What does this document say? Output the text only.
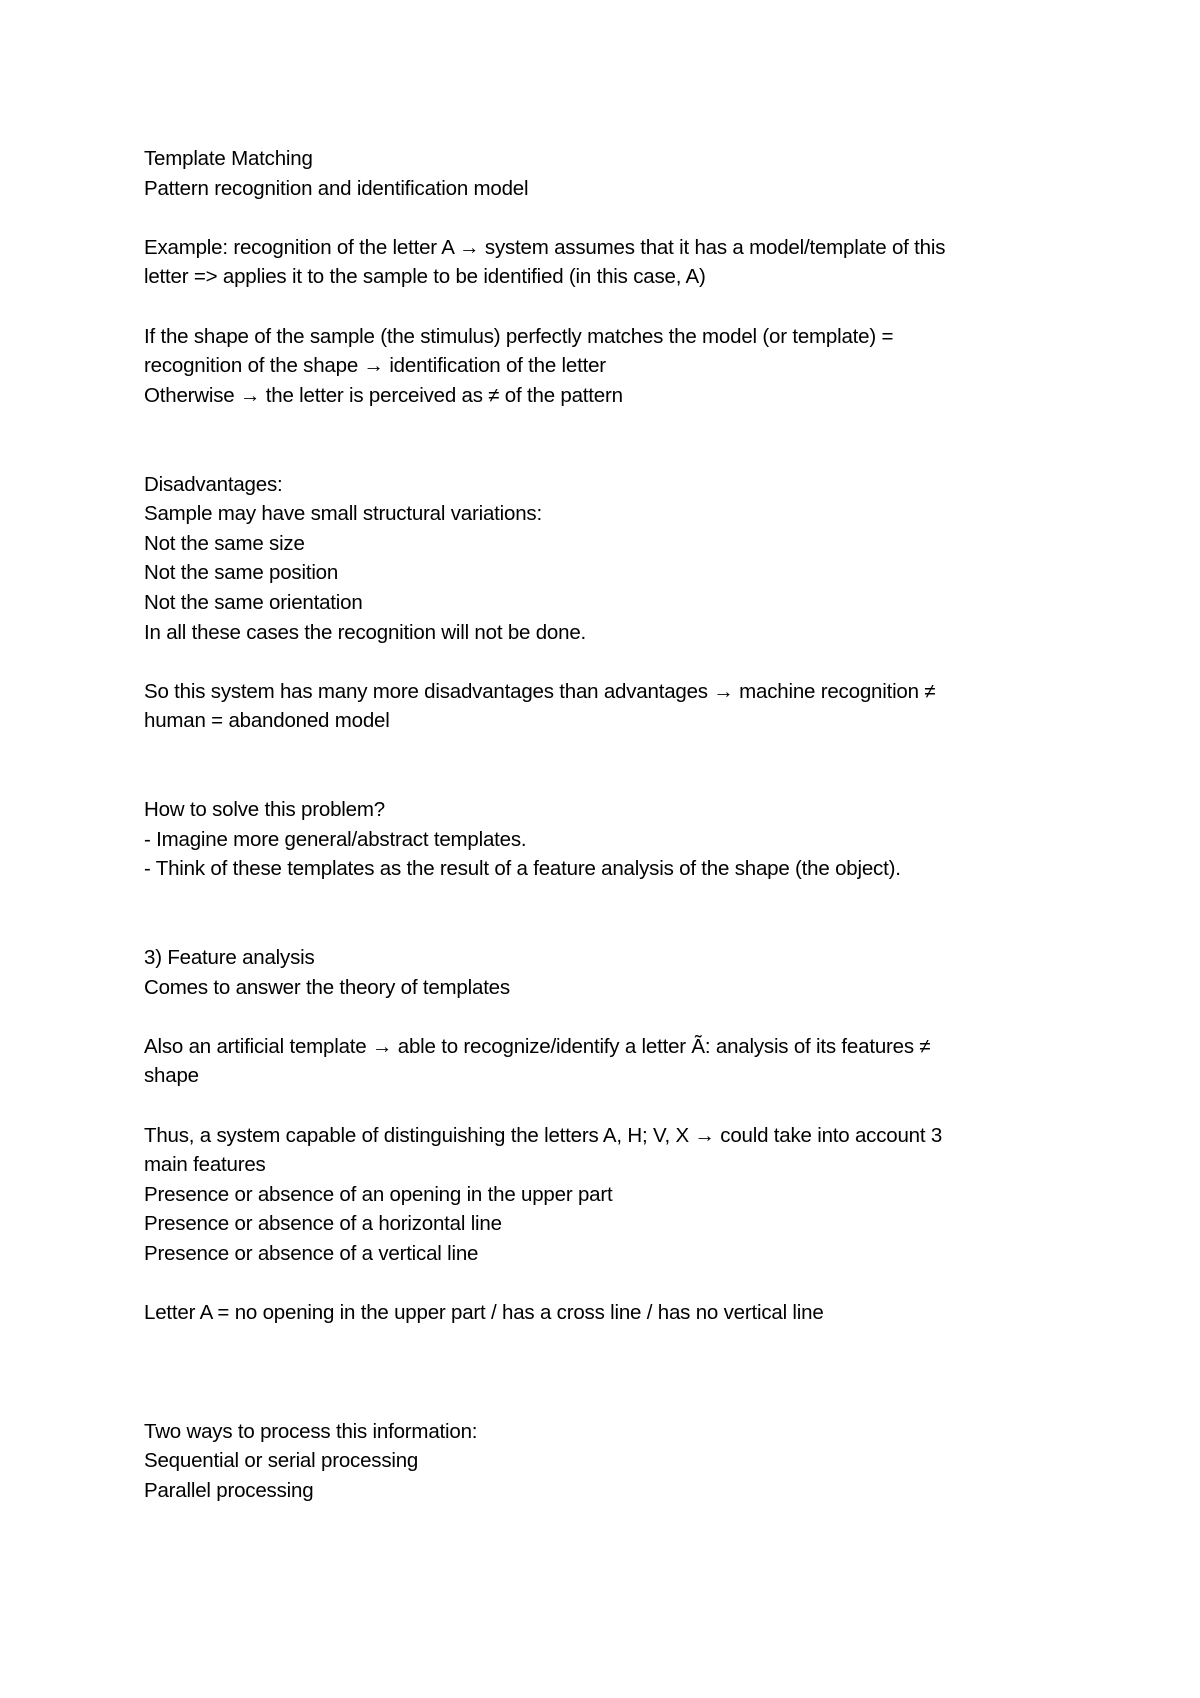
Template Matching
Pattern recognition and identification model
Example: recognition of the letter A → system assumes that it has a model/template of this
letter => applies it to the sample to be identified (in this case, A)
If the shape of the sample (the stimulus) perfectly matches the model (or template) =
recognition of the shape → identification of the letter
Otherwise → the letter is perceived as ≠ of the pattern
Disadvantages:
Sample may have small structural variations:
Not the same size
Not the same position
Not the same orientation
In all these cases the recognition will not be done.
So this system has many more disadvantages than advantages → machine recognition ≠
human = abandoned model
How to solve this problem?
- Imagine more general/abstract templates.
- Think of these templates as the result of a feature analysis of the shape (the object).
3) Feature analysis
Comes to answer the theory of templates
Also an artificial template → able to recognize/identify a letter Ã: analysis of its features ≠
shape
Thus, a system capable of distinguishing the letters A, H; V, X → could take into account 3
main features
Presence or absence of an opening in the upper part
Presence or absence of a horizontal line
Presence or absence of a vertical line
Letter A = no opening in the upper part / has a cross line / has no vertical line
Two ways to process this information:
Sequential or serial processing
Parallel processing
